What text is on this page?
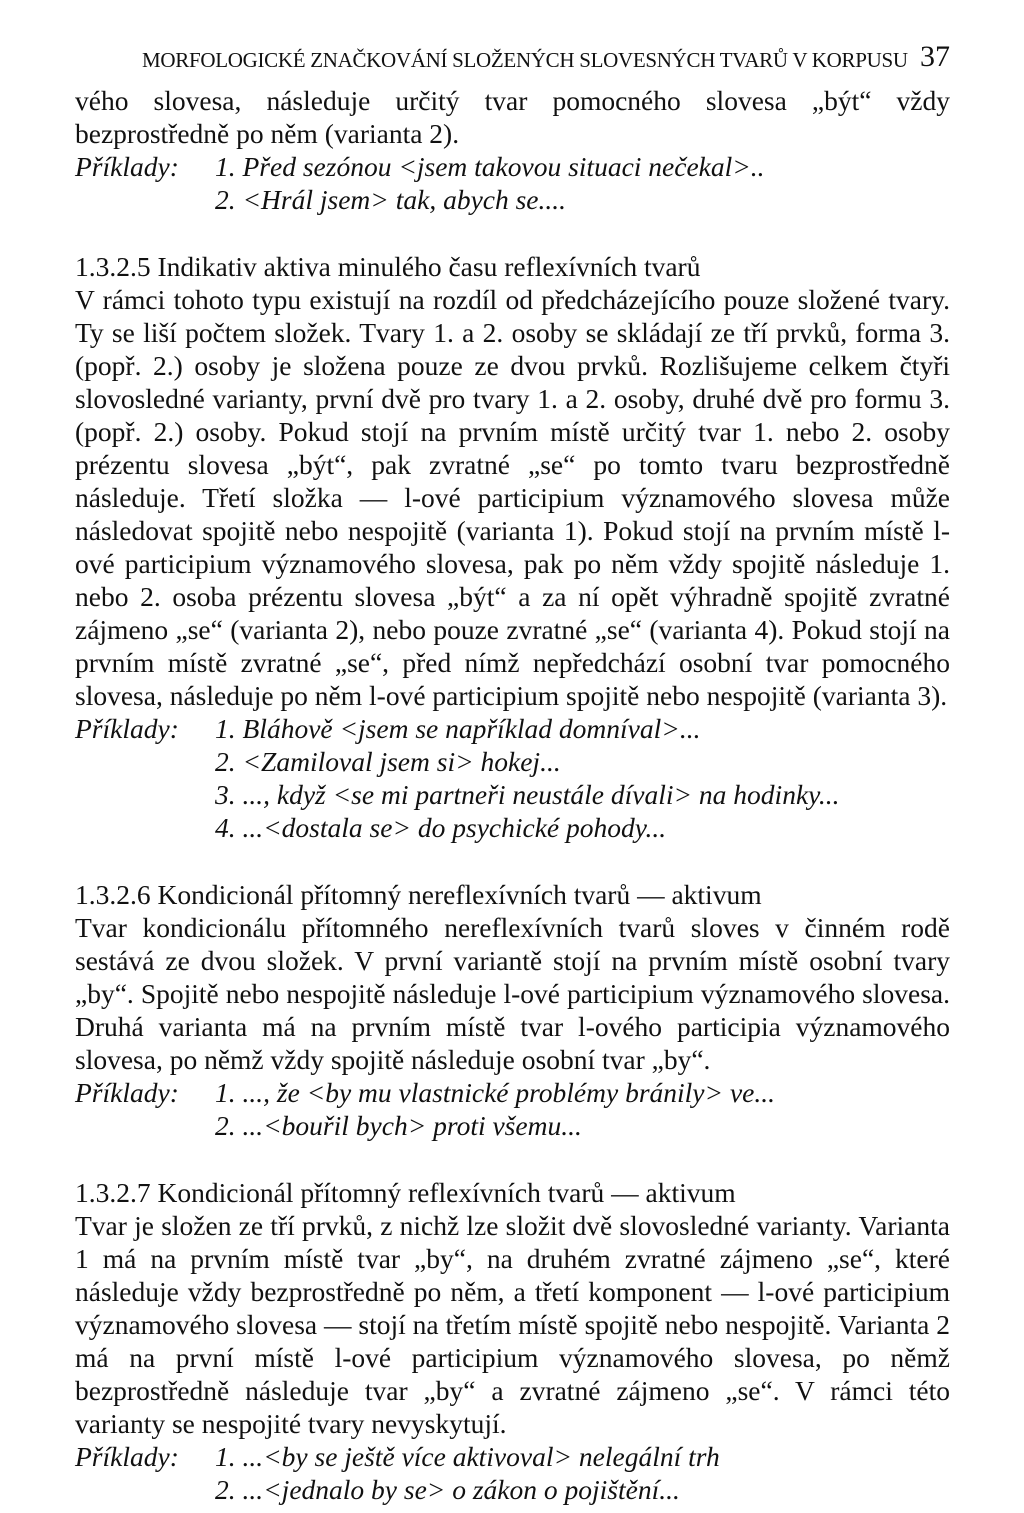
MORFOLOGICKÉ ZNAČKOVÁNÍ SLOŽENÝCH SLOVESNÝCH TVARŮ V KORPUSU 37
vého slovesa, následuje určitý tvar pomocného slovesa „být“ vždy bezprostředně po něm (varianta 2).
Příklady: 1. Před sezónou <jsem takovou situaci nečekal>..
2. <Hrál jsem> tak, abych se....
1.3.2.5 Indikativ aktiva minulého času reflexívních tvarů
V rámci tohoto typu existují na rozdíl od předcházejícího pouze složené tvary. Ty se liší počtem složek. Tvary 1. a 2. osoby se skládají ze tří prvků, forma 3. (popř. 2.) osoby je složena pouze ze dvou prvků. Rozlišujeme celkem čtyři slovosledné varianty, první dvě pro tvary 1. a 2. osoby, druhé dvě pro formu 3. (popř. 2.) osoby. Pokud stojí na prvním místě určitý tvar 1. nebo 2. osoby prézentu slovesa „být“, pak zvratné „se“ po tomto tvaru bezprostředně následuje. Třetí složka — l-ové participium významového slovesa může následovat spojitě nebo nespojitě (varianta 1). Pokud stojí na prvním místě l-ové participium významového slovesa, pak po něm vždy spojitě následuje 1. nebo 2. osoba prézentu slovesa „být“ a za ní opět výhradně spojitě zvratné zájmeno „se“ (varianta 2), nebo pouze zvratné „se“ (varianta 4). Pokud stojí na prvním místě zvratné „se“, před nímž nepředchází osobní tvar pomocného slovesa, následuje po něm l-ové participium spojitě nebo nespojitě (varianta 3).
Příklady: 1. Bláhově <jsem se například domníval>...
2. <Zamiloval jsem si> hokej...
3. ..., když <se mi partneři neustále dívali> na hodinky...
4. ...<dostala se> do psychické pohody...
1.3.2.6 Kondicionál přítomný nereflexívních tvarů — aktivum
Tvar kondicionálu přítomného nereflexívních tvarů sloves v činném rodě sestává ze dvou složek. V první variantě stojí na prvním místě osobní tvary „by“. Spojitě nebo nespojitě následuje l-ové participium významového slovesa. Druhá varianta má na prvním místě tvar l-ového participia významového slovesa, po němž vždy spojitě následuje osobní tvar „by“.
Příklady: 1. ..., že <by mu vlastnické problémy bránily> ve...
2. ...<bouřil bych> proti všemu...
1.3.2.7 Kondicionál přítomný reflexívních tvarů — aktivum
Tvar je složen ze tří prvků, z nichž lze složit dvě slovosledné varianty. Varianta 1 má na prvním místě tvar „by“, na druhém zvratné zájmeno „se“, které následuje vždy bezprostředně po něm, a třetí komponent — l-ové participium významového slovesa — stojí na třetím místě spojitě nebo nespojitě. Varianta 2 má na první místě l-ové participium významového slovesa, po němž bezprostředně následuje tvar „by“ a zvratné zájmeno „se“. V rámci této varianty se nespojité tvary nevyskytují.
Příklady: 1. ...<by se ještě více aktivoval> nelegální trh
2. ...<jednalo by se> o zákon o pojištění...
